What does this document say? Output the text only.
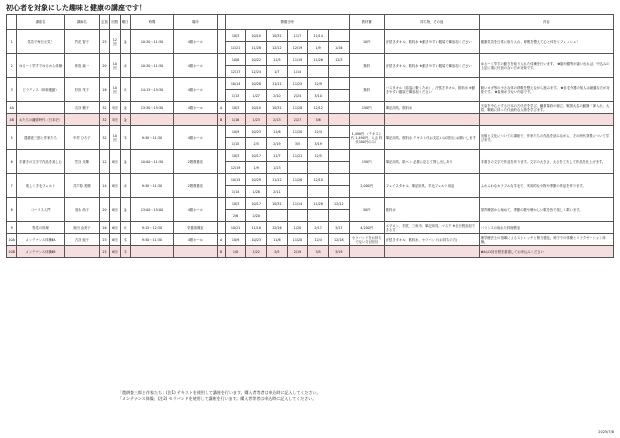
初心者を対象にした趣味と健康の講座です！
	講座名	講師名	定員	回数	曜日	時間	場所		開催日時						教材費	持ち物、その他	内容
1	気功で毎日元気！	竹花 智子	25	12回	金	10:30～11:30	4階ホール		10/3	10/10	10/31	11/7	11/14		10円	汗拭きタオル、飲料水 ※動きやすい服装で御参加ください	健康気功を日常に取り入れ、呼吸を整えて心と体をリフレッシュ！
									11/21	11/28	12/12	12/19	1/9	1/16			
2	ゆるーく竿すでゆるから体操	仲島 誠一	20	10回	水	10:30～11:30	4階ホール		10/8	10/22	11/5	11/19	11/26	12/3	無料	汗拭きタオル、飲料水 ※動きやすい服装で御参加ください	ゆるーく竿すの動きを取り入れた体操を行います。 ✿脳や腱等が違い出れば、中込みの上記に現に付加のない方が対象です。
									12/17	12/24	1/7	1/14					
3	ピラティス（体幹運動）	杉田 茂子	16	10回	火	14:15～15:30	4階ホール		10/14	10/28	11/11	11/25	12/9		無料	バスタオル（結巡に敷くため）、汗拭きタオル、飲料水 ※動きやすい服装で御参加ください	軽いヨガ等の小さな体の呼吸を整えながら進みます。 ✿自宅介護の知人は最適な方が対象です。 ✿負荷が少ない内容です。
									1/13	1/27	2/10	2/24	3/10				
4A		吉谷 穂子	32	5回	金	13:30～15:30	4階ホール	A	10/3	10/10	10/31	11/28	12/12		150円	筆記用具、飲料水	天皇を中心とする日本の古代史を学び、鎌倉幕府の創立、戦国大名の動静「禅入れ」大将、戦略に持った代表的な人物を学びます。
4B	おたちの鎌倉時代（日本史）		32	5回	金			B	1/16	1/23	2/13	2/27	3/6				
5	農耕査三郎と作家たち	中村 ひろ子	32	10回	木	9:30～11:30	4階ホール		10/9	10/23	11/6	11/20	12/4		1,490円 （テキスト代 1,490円、入会 料代300円のみ）	筆記用具、飲料水 テキスト代お支払いは初回にお願いします	出版と文化についての講座で、作家たちの作品を読みながら、その時代背景について学びます。
									1/15	2/5	2/19	3/5	3/19				
6	手書きの文字で作品を楽しむ	笠谷 光輝	12	8回	金	10:00～11:30	2階教養室		10/3	10/17	11/7	11/21	12/5		150円	筆記用具、紙ペン 必要に応じて貸し出しあり	手書きの文字で作品を作ります。文字の大きさ、太さを工夫して作品を仕上げます。
									12/19	1/9	1/23						
7	楽しく手毛フェルト	井戸原 美穂	14	8回	水	9:30～11:30	2階教養室		10/15	10/29	11/12	11/26	12/10		2,000円	フェイスタオル、筆記用具、羊毛フェルト用品	ふわふわなカラフルな羊毛で、実用的な小物や季節の作品を作ります。
									1/14	1/28	2/11						
8	コーラス入門	須永 尚子	20	8回	金	13:00～15:00	4階ホール		10/3	10/17	10/31	11/14	11/28	12/12	50円	飲料水	発声練習から始めて、季節の歌や懐かしい歌を皆で楽しく歌います。
									2/6	2/20							
9	男性の料理	高田 由美子	16	6回	火	9:15～12:30	栄養指導室		10/21	11/18	12/16	1/20	2/17	3/17	4,200円	エプロン、手拭、三角巾、筆記用具、マスク ※全日程参加できる方	バランスの取れた料理教室
10A	メンテナンス体操ⅡA	古谷 純子	25	6回	木	9:30～11:30	4階ホール	A	10/9	10/23	11/6	11/20	12/4	12/18	セラバンドをお持ちでない方(各回)	汗拭きタオル、飲料水、セラバンド(お持ちの方)	理学療法士の指導によるストレッチと筋力強化。椅子での体操とリラクゼーション体操。
10B	メンテナンス体操ⅡB		25	6回	木			B	1/8	1/22	2/5	2/19	3/5	3/19			✿Aは1回日程を重複してお申込みください
「農耕査三郎と作家たち」(注1) テキストを使用して講座を行います。購入者等者は申込時に記入してください。
「メンテナンス体操」(注2) セラバンドを使用して講座を行います。購入者等者は申込時に記入してください。
2025/7/8
